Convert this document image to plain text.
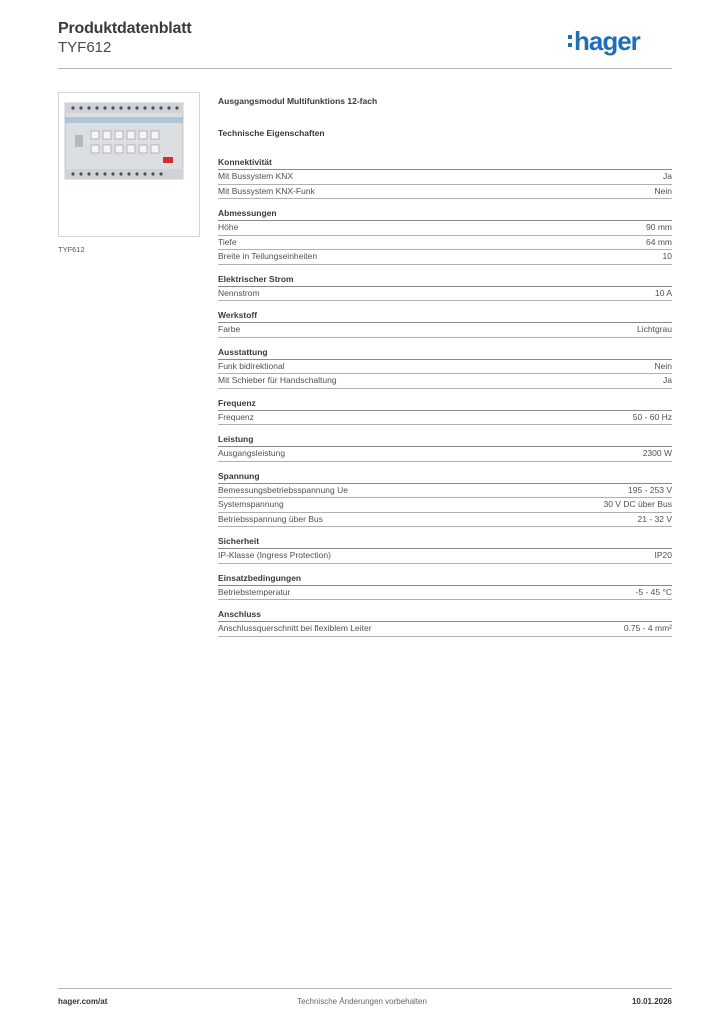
Produktdatenblatt
TYF612	hager
TYF612
Ausgangsmodul Multifunktions 12-fach
Technische Eigenschaften
Konnektivität
Mit Bussystem KNX	Ja
Mit Bussystem KNX-Funk	Nein
Abmessungen
Höhe	90 mm
Tiefe	64 mm
Breite in Teilungseinheiten	10
Elektrischer Strom
Nennstrom	10 A
Werkstoff
Farbe	Lichtgrau
Ausstattung
Funk bidirektional	Nein
Mit Schieber für Handschaltung	Ja
Frequenz
Frequenz	50 - 60 Hz
Leistung
Ausgangsleistung	2300 W
Spannung
Bemessungsbetriebsspannung Ue	195 - 253 V
Systemspannung	30 V DC über Bus
Betriebsspannung über Bus	21 - 32 V
Sicherheit
IP-Klasse (Ingress Protection)	IP20
Einsatzbedingungen
Betriebstemperatur	-5 - 45 °C
Anschluss
Anschlussquerschnitt bei flexiblem Leiter	0.75 - 4 mm²
hager.com/at	Technische Änderungen vorbehalten	10.01.2026
